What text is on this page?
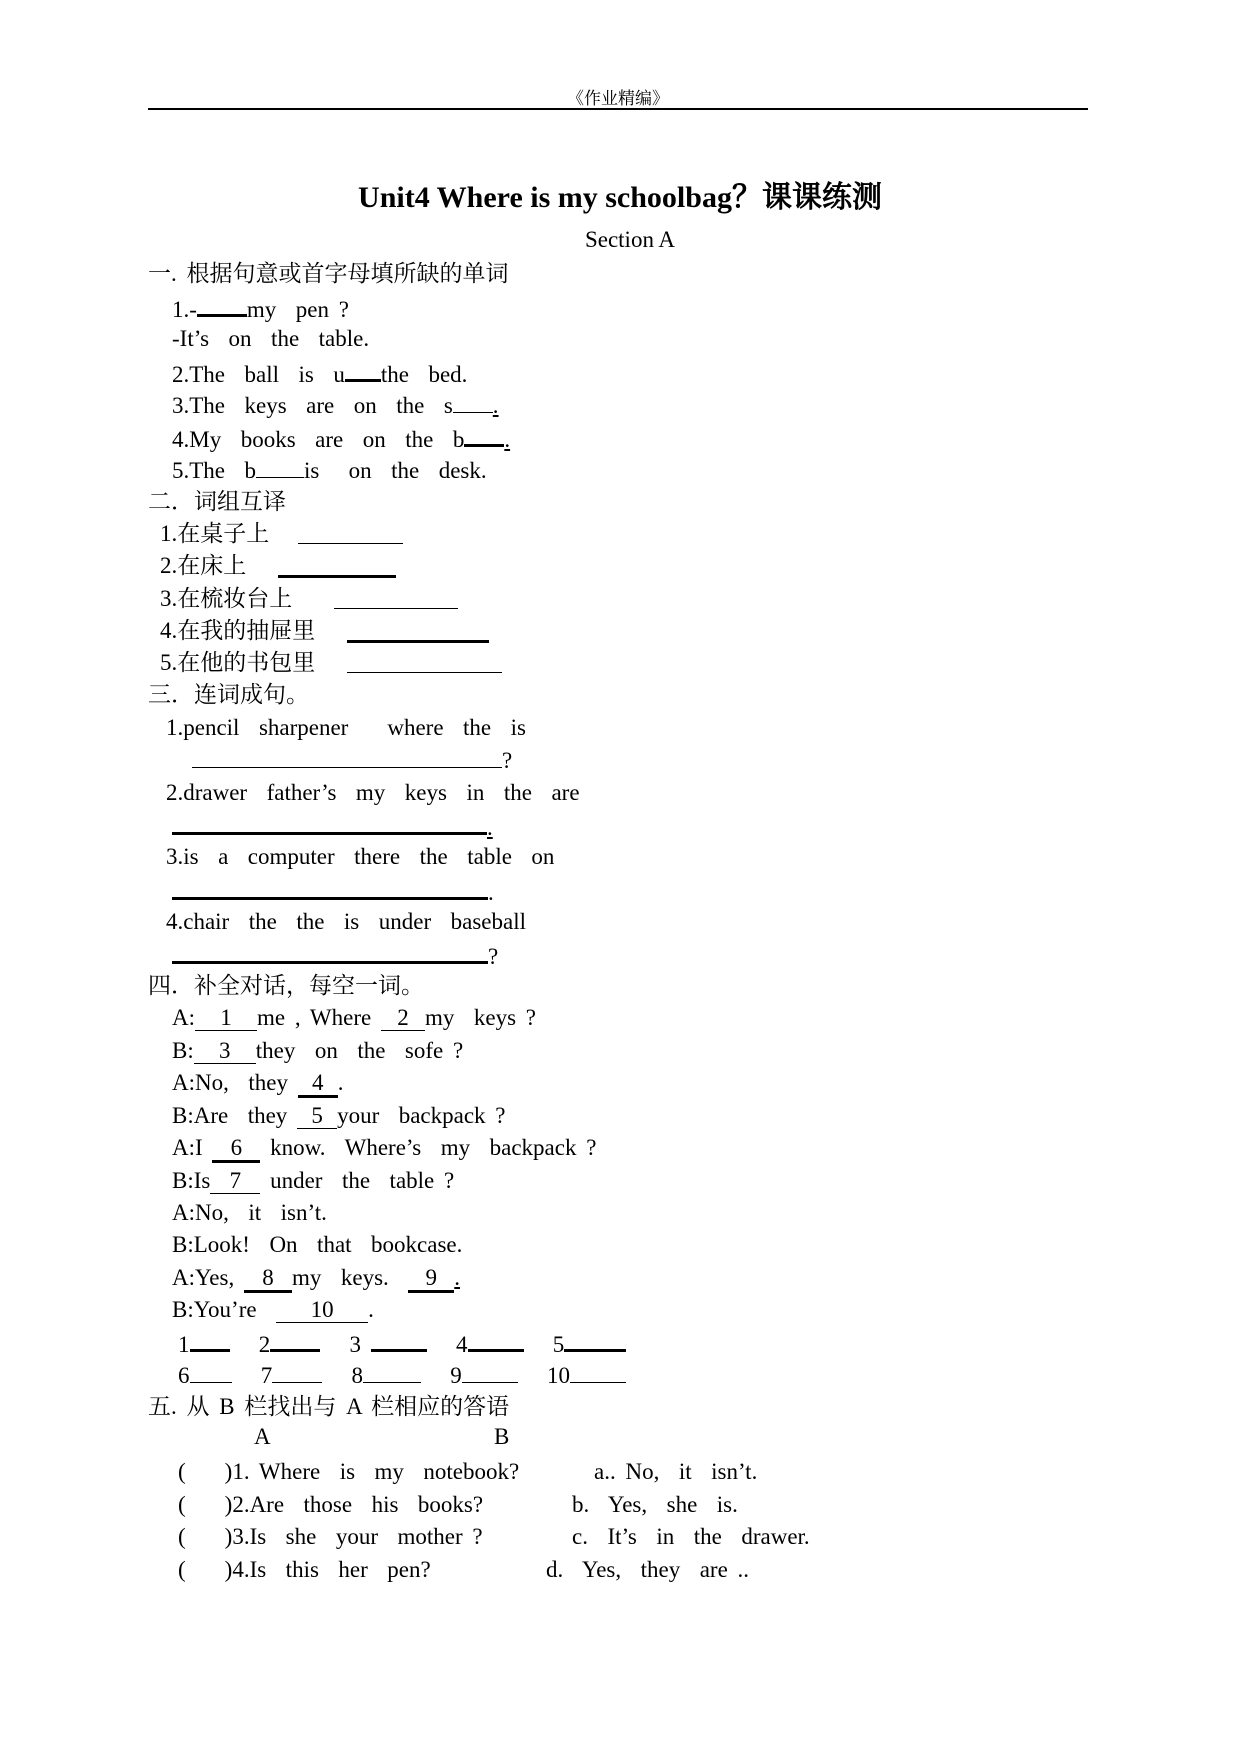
《作业精编》
Unit4 Where is my schoolbag？课课练测
Section A
一. 根据句意或首字母填所缺的单词
1.- my  pen ?
-It’s  on  the  table.
2.The  ball  is  u the  bed.
3.The  keys  are  on  the  s .
4.My  books  are  on  the  b .
5.The  b is   on  the  desk.
二．词组互译
1.在桌子上
2.在床上
3.在梳妆台上
4.在我的抽屉里
5.在他的书包里
三．连词成句。
1.pencil  sharpener    where  the  is
?
2.drawer  father’s  my  keys  in  the  are
.
3.is  a  computer  there  the  table  on
.
4.chair  the  the  is  under  baseball
?
四．补全对话，每空一词。
A: 1 me , Where 2 my  keys ?
B: 3 they  on  the  sofe ?
A:No,  they 4 .
B:Are  they 5 your  backpack ?
A:I 6 know.  Where’s  my  backpack ?
B:Is 7 under  the  table ?
A:No,  it  isn’t.
B:Look!  On  that  bookcase.
A:Yes, 8 my  keys.  9 .
B:You’re  10 .
1	2	3	4	5
6	7	8	9	10
五. 从 B 栏找出与 A 栏相应的答语
A	B
(    )1. Where  is  my  notebook?	a.. No,  it  isn’t.
(    )2.Are  those  his  books?	b.  Yes,  she  is.
(    )3.Is  she  your  mother ?	c.  It’s  in  the  drawer.
(    )4.Is  this  her  pen?	d.  Yes,  they  are ..
